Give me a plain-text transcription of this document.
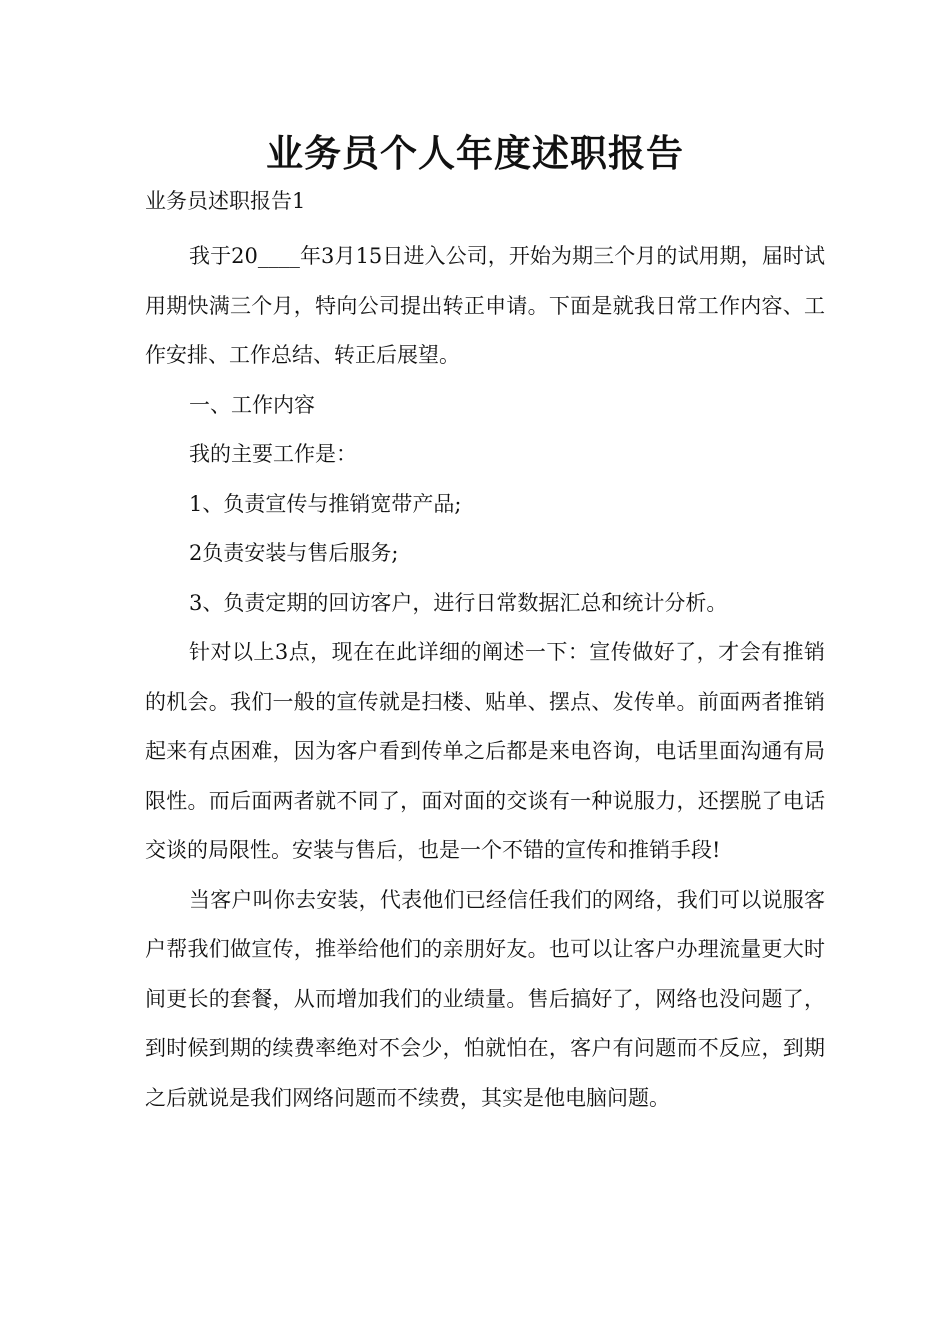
业务员个人年度述职报告
业务员述职报告1

我于20____年3月15日进入公司，开始为期三个月的试用期，届时试用期快满三个月，特向公司提出转正申请。下面是就我日常工作内容、工作安排、工作总结、转正后展望。

一、工作内容

我的主要工作是：

1、负责宣传与推销宽带产品;

2负责安装与售后服务;

3、负责定期的回访客户，进行日常数据汇总和统计分析。

针对以上3点，现在在此详细的阐述一下：宣传做好了，才会有推销的机会。我们一般的宣传就是扫楼、贴单、摆点、发传单。前面两者推销起来有点困难，因为客户看到传单之后都是来电咨询，电话里面沟通有局限性。而后面两者就不同了，面对面的交谈有一种说服力，还摆脱了电话交谈的局限性。安装与售后，也是一个不错的宣传和推销手段!

当客户叫你去安装，代表他们已经信任我们的网络，我们可以说服客户帮我们做宣传，推举给他们的亲朋好友。也可以让客户办理流量更大时间更长的套餐，从而增加我们的业绩量。售后搞好了，网络也没问题了，到时候到期的续费率绝对不会少，怕就怕在，客户有问题而不反应，到期之后就说是我们网络问题而不续费，其实是他电脑问题。
